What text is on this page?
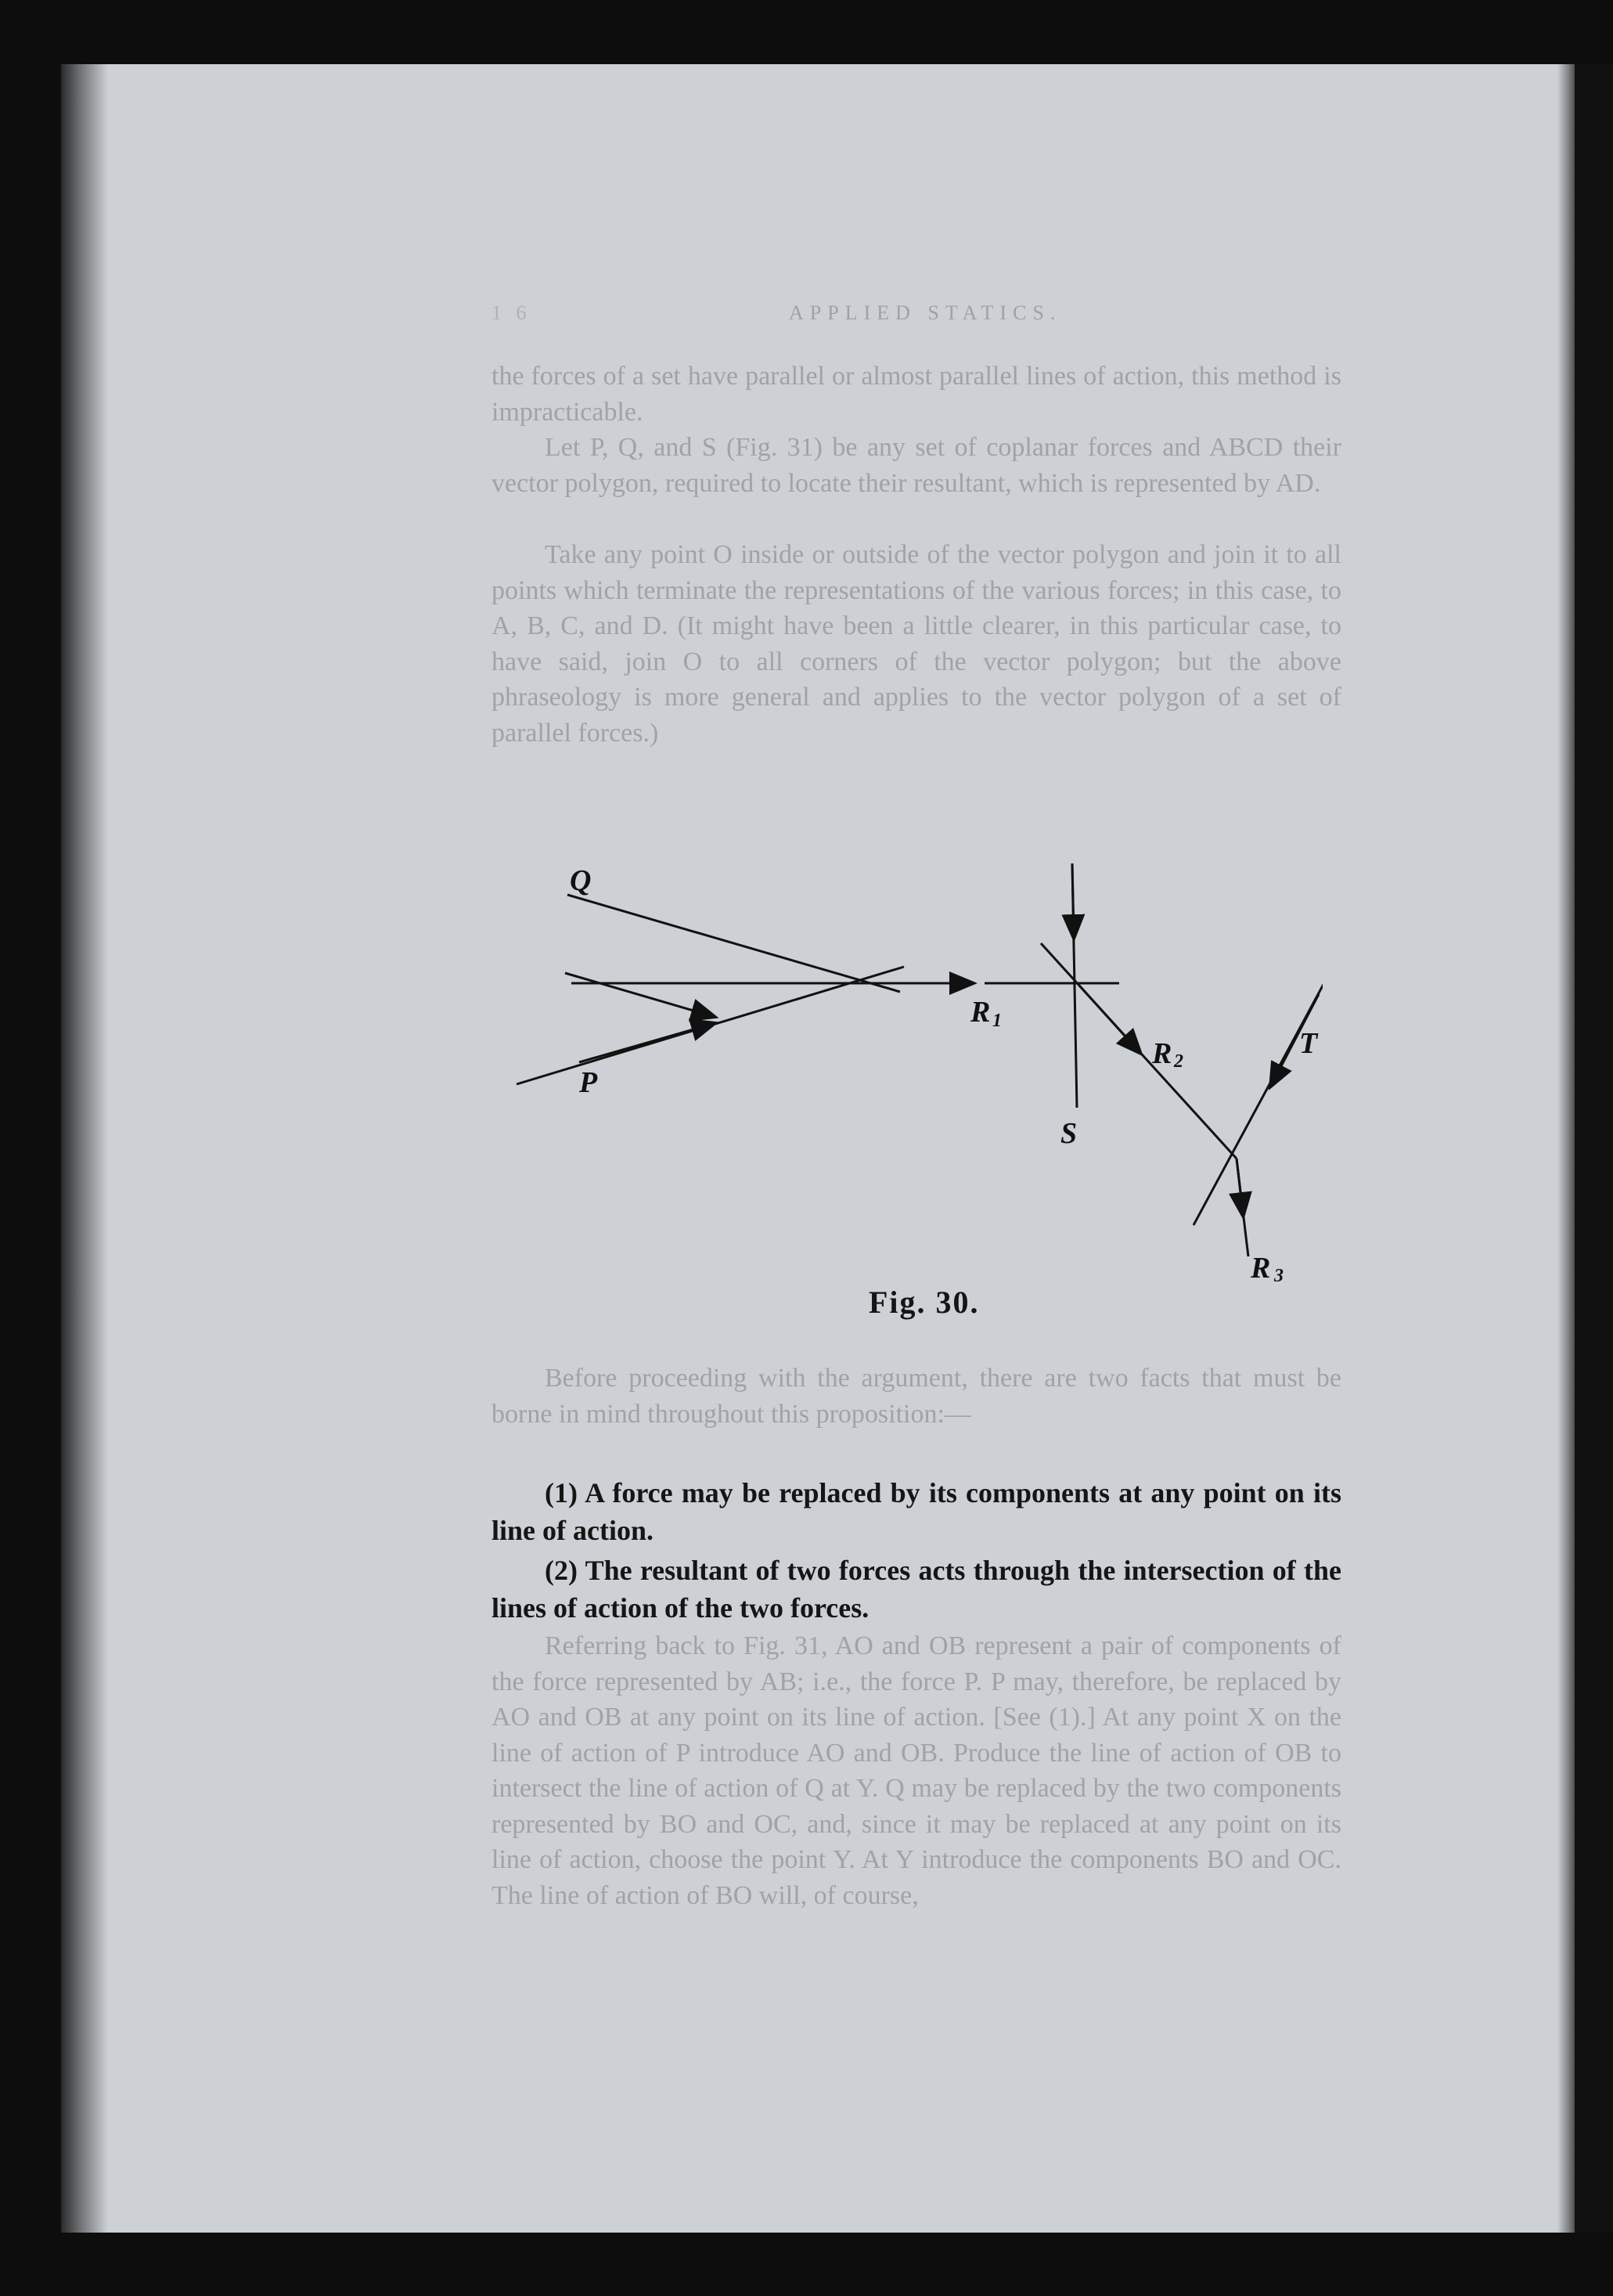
1 6	APPLIED STATICS.
the forces of a set have parallel or almost parallel lines of action, this method is impracticable.
Let P, Q, and S (Fig. 31) be any set of coplanar forces and ABCD their vector polygon, required to locate their resultant, which is represented by AD.
Take any point O inside or outside of the vector polygon and join it to all points which terminate the representations of the various forces; in this case, to A, B, C, and D. (It might have been a little clearer, in this particular case, to have said, join O to all corners of the vector polygon; but the above phraseology is more general and applies to the vector polygon of a set of parallel forces.)
Q
P
R 1
S
R 2
T
R 3
Fig. 30.
Before proceeding with the argument, there are two facts that must be borne in mind throughout this proposition:—
(1) A force may be replaced by its components at any point on its line of action.
(2) The resultant of two forces acts through the intersection of the lines of action of the two forces.
Referring back to Fig. 31, AO and OB represent a pair of components of the force represented by AB; i.e., the force P. P may, therefore, be replaced by AO and OB at any point on its line of action. [See (1).] At any point X on the line of action of P introduce AO and OB. Produce the line of action of OB to intersect the line of action of Q at Y. Q may be replaced by the two components represented by BO and OC, and, since it may be replaced at any point on its line of action, choose the point Y. At Y introduce the components BO and OC. The line of action of BO will, of course,
